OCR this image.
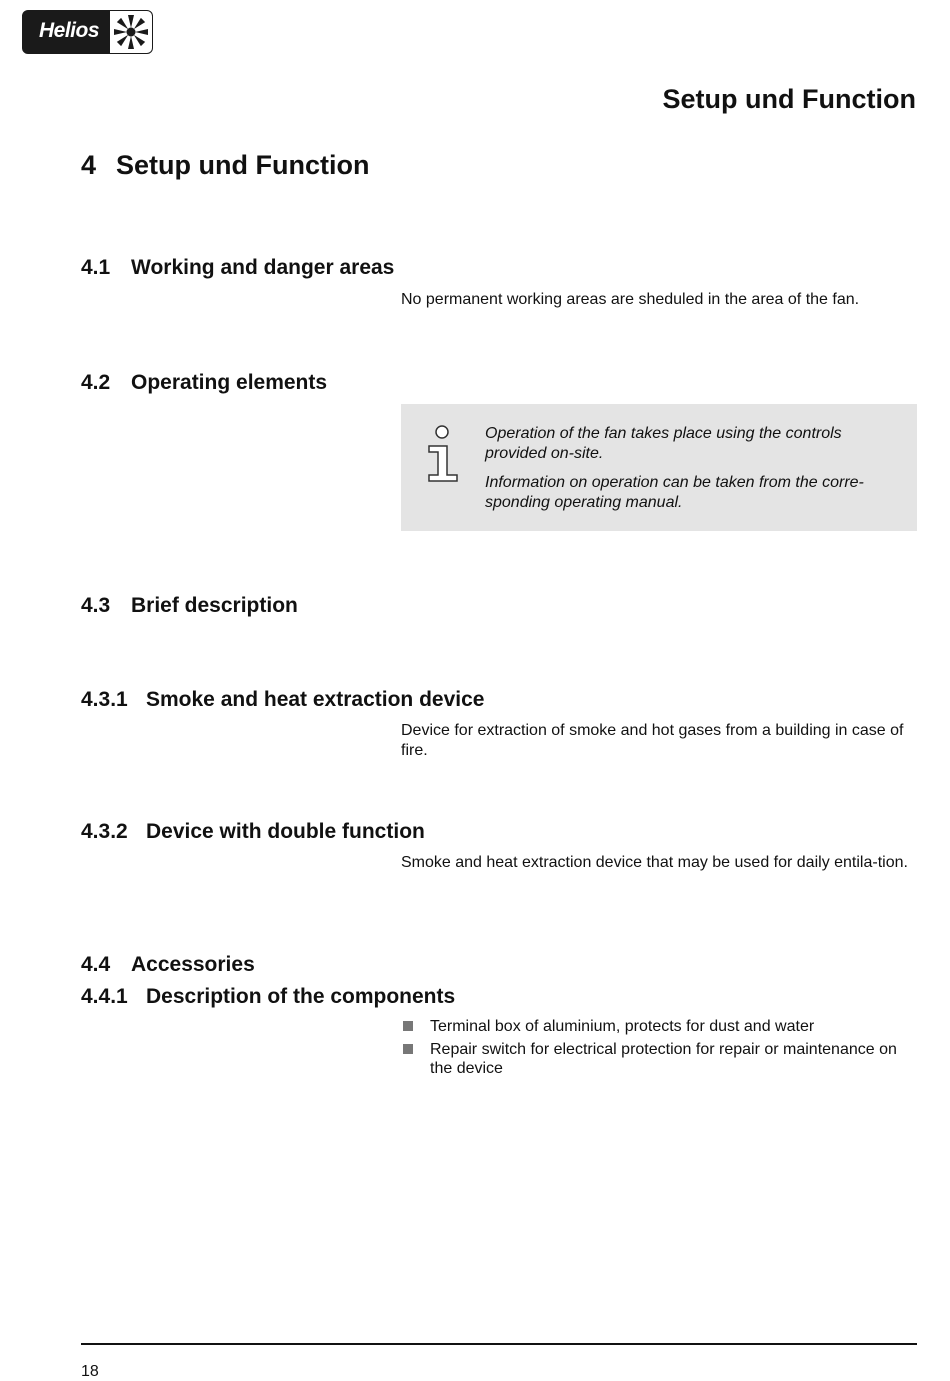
Helios
Setup und Function
4 Setup und Function
4.1 Working and danger areas
No permanent working areas are sheduled in the area of the fan.
4.2 Operating elements

Operation of the fan takes place using the controls provided on-site.

Information on operation can be taken from the corre-sponding operating manual.

4.3 Brief description
4.3.1 Smoke and heat extraction device
Device for extraction of smoke and hot gases from a building in case of fire.
4.3.2 Device with double function
Smoke and heat extraction device that may be used for daily entila-tion.
4.4 Accessories
4.4.1 Description of the components
Terminal box of aluminium, protects for dust and water
Repair switch for electrical protection for repair or maintenance on the device
18
